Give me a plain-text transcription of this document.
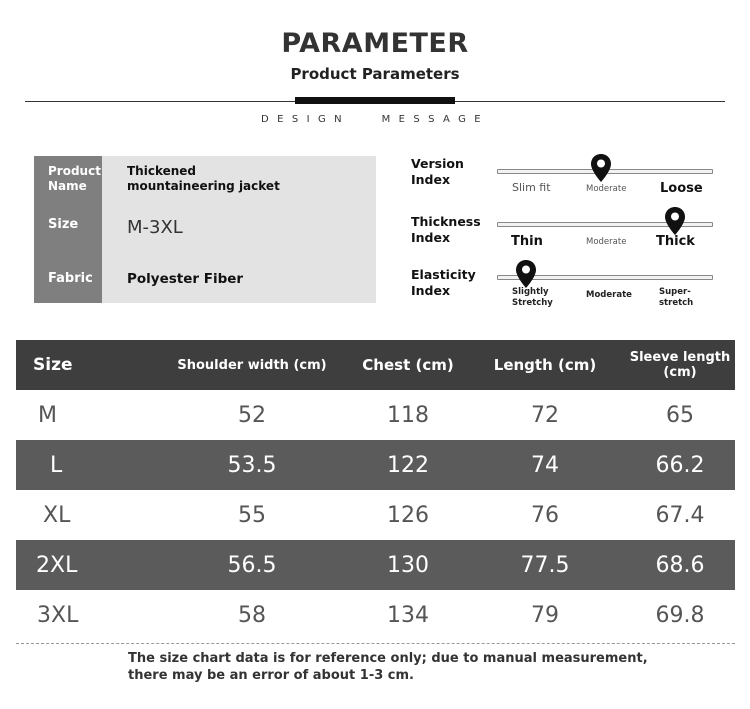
PARAMETER
Product Parameters
DESIGN MESSAGE
Product Name
Thickened mountaineering jacket
Size	M-3XL
Fabric	Polyester Fiber
Version Index
Slim fit	Moderate	Loose
Thickness Index	Thin	Moderate Thick
Elasticity Index	Slightly Stretchy
Moderate	Super-stretch
Size	Shoulder width (cm)	Chest (cm)	Length (cm)	Sleeve length (cm)
M	52	118	72	65
L	53.5	122	74	66.2
XL	55	126	76	67.4
2XL	56.5	130	77.5	68.6
3XL	58	134	79	69.8
The size chart data is for reference only; due to manual measurement, there may be an error of about 1-3 cm.
